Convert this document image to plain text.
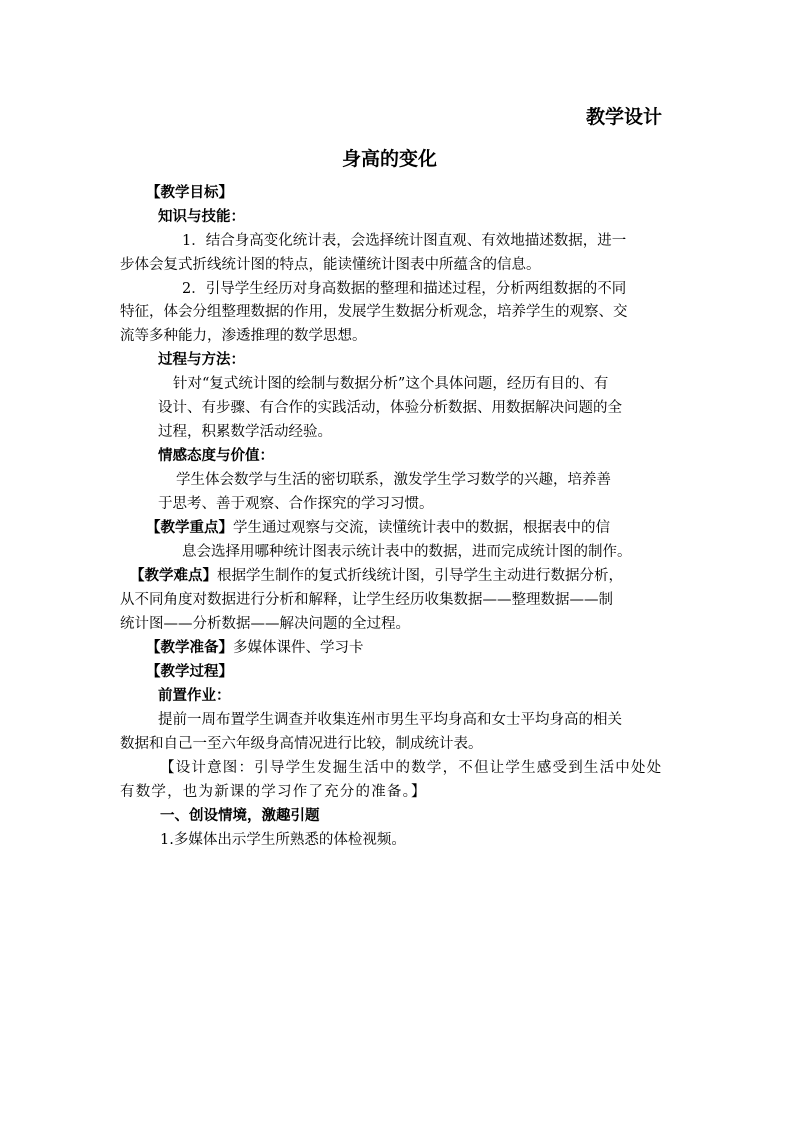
教学设计
身高的变化
【教学目标】
知识与技能：
1．结合身高变化统计表，会选择统计图直观、有效地描述数据，进一
步体会复式折线统计图的特点，能读懂统计图表中所蕴含的信息。
2．引导学生经历对身高数据的整理和描述过程，分析两组数据的不同
特征，体会分组整理数据的作用，发展学生数据分析观念，培养学生的观察、交
流等多种能力，渗透推理的数学思想。
过程与方法：
针对“复式统计图的绘制与数据分析”这个具体问题，经历有目的、有
设计、有步骤、有合作的实践活动，体验分析数据、用数据解决问题的全
过程，积累数学活动经验。
情感态度与价值：
学生体会数学与生活的密切联系，激发学生学习数学的兴趣，培养善
于思考、善于观察、合作探究的学习习惯。
【教学重点】学生通过观察与交流，读懂统计表中的数据，根据表中的信
息会选择用哪种统计图表示统计表中的数据，进而完成统计图的制作。
【教学难点】根据学生制作的复式折线统计图，引导学生主动进行数据分析，
从不同角度对数据进行分析和解释，让学生经历收集数据——整理数据——制
统计图——分析数据——解决问题的全过程。
【教学准备】多媒体课件、学习卡
【教学过程】
前置作业：
提前一周布置学生调查并收集连州市男生平均身高和女士平均身高的相关
数据和自己一至六年级身高情况进行比较，制成统计表。
【设计意图：引导学生发掘生活中的数学，不但让学生感受到生活中处处
有数学，也为新课的学习作了充分的准备。】
一、创设情境，激趣引题
1.多媒体出示学生所熟悉的体检视频。
